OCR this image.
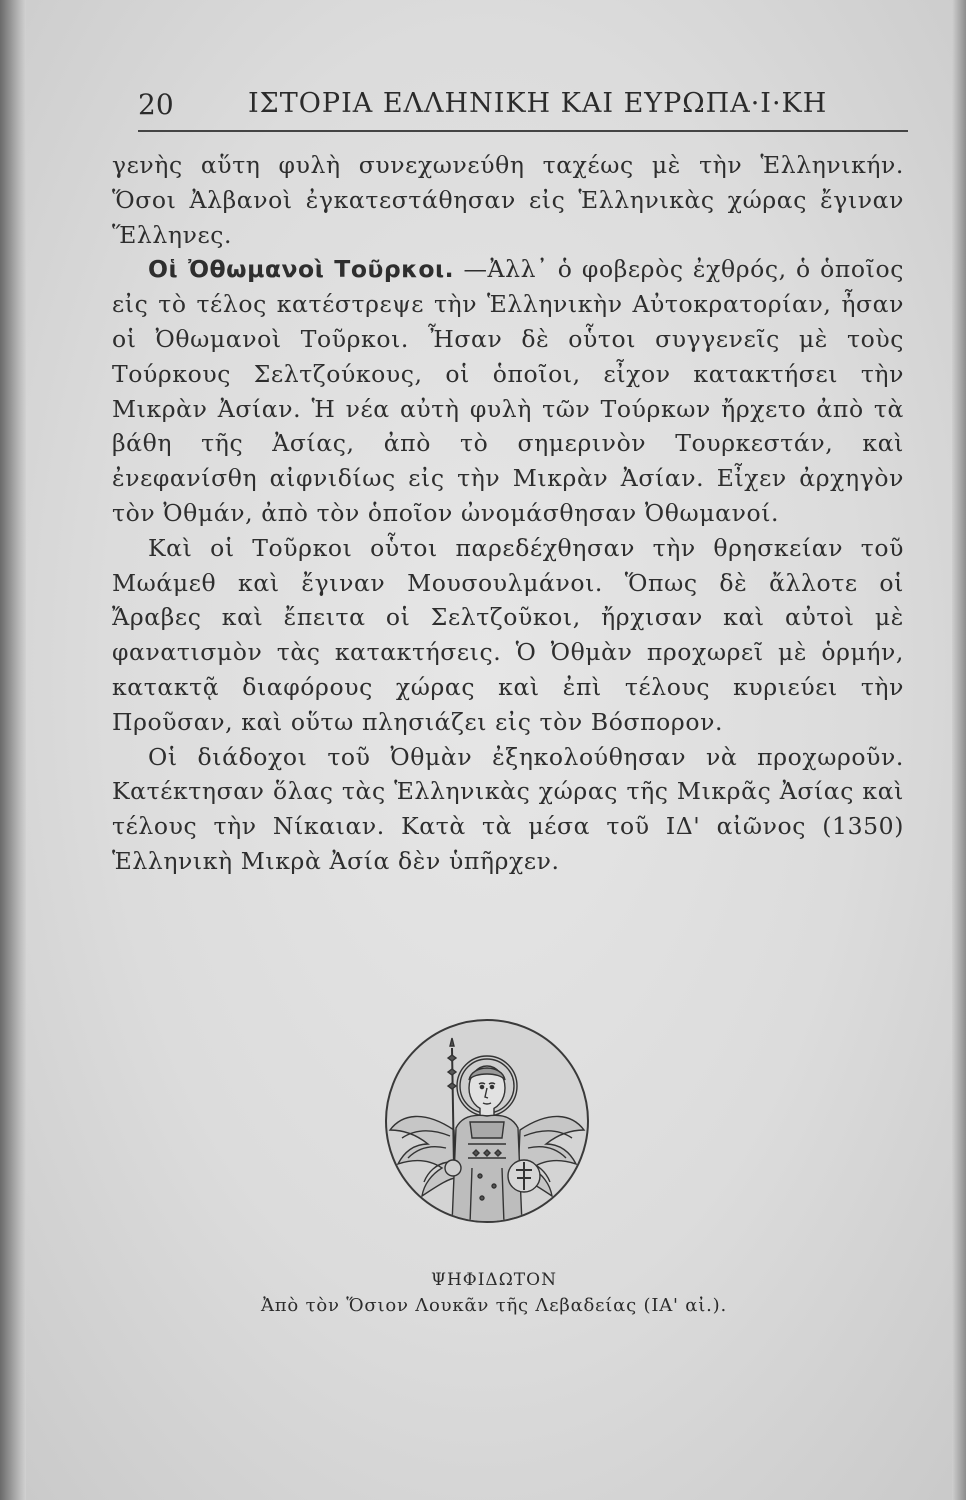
20	ΙΣΤΟΡΙΑ ΕΛΛΗΝΙΚΗ ΚΑΙ ΕΥΡΩΠΑ·Ι·ΚΗ

γενὴς αὕτη φυλὴ συνεχωνεύθη ταχέως μὲ τὴν Ἑλληνικήν. Ὅσοι Ἀλβανοὶ ἐγκατεστάθησαν εἰς Ἑλληνικὰς χώρας ἔγιναν Ἕλληνες.

Οἱ Ὀθωμανοὶ Τοῦρκοι. —Ἀλλ᾽ ὁ φοβερὸς ἐχθρός, ὁ ὁποῖος εἰς τὸ τέλος κατέστρεψε τὴν Ἑλληνικὴν Αὐτοκρατορίαν, ἦσαν οἱ Ὀθωμανοὶ Τοῦρκοι. Ἦσαν δὲ οὗτοι συγγενεῖς μὲ τοὺς Τούρκους Σελτζούκους, οἱ ὁποῖοι, εἶχον κατακτήσει τὴν Μικρὰν Ἀσίαν. Ἡ νέα αὐτὴ φυλὴ τῶν Τούρκων ἤρχετο ἀπὸ τὰ βάθη τῆς Ἀσίας, ἀπὸ τὸ σημερινὸν Τουρκεστάν, καὶ ἐνεφανίσθη αἰφνιδίως εἰς τὴν Μικρὰν Ἀσίαν. Εἶχεν ἀρχηγὸν τὸν Ὀθμάν, ἀπὸ τὸν ὁποῖον ὠνομάσθησαν Ὀθωμανοί.

Καὶ οἱ Τοῦρκοι οὗτοι παρεδέχθησαν τὴν θρησκείαν τοῦ Μωάμεθ καὶ ἔγιναν Μουσουλμάνοι. Ὅπως δὲ ἄλλοτε οἱ Ἄραβες καὶ ἔπειτα οἱ Σελτζοῦκοι, ἤρχισαν καὶ αὐτοὶ μὲ φανατισμὸν τὰς κατακτήσεις. Ὁ Ὀθμὰν προχωρεῖ μὲ ὁρμήν, κατακτᾷ διαφόρους χώρας καὶ ἐπὶ τέλους κυριεύει τὴν Προῦσαν, καὶ οὕτω πλησιάζει εἰς τὸν Βόσπορον.

Οἱ διάδοχοι τοῦ Ὀθμὰν ἐξηκολούθησαν νὰ προχωροῦν. Κατέκτησαν ὅλας τὰς Ἑλληνικὰς χώρας τῆς Μικρᾶς Ἀσίας καὶ τέλους τὴν Νίκαιαν. Κατὰ τὰ μέσα τοῦ ΙΔ' αἰῶνος (1350) Ἑλληνικὴ Μικρὰ Ἀσία δὲν ὑπῆρχεν.

ΨΗΦΙΔΩΤΟΝ
Ἀπὸ τὸν Ὅσιον Λουκᾶν τῆς Λεβαδείας (ΙΑ' αἰ.).
